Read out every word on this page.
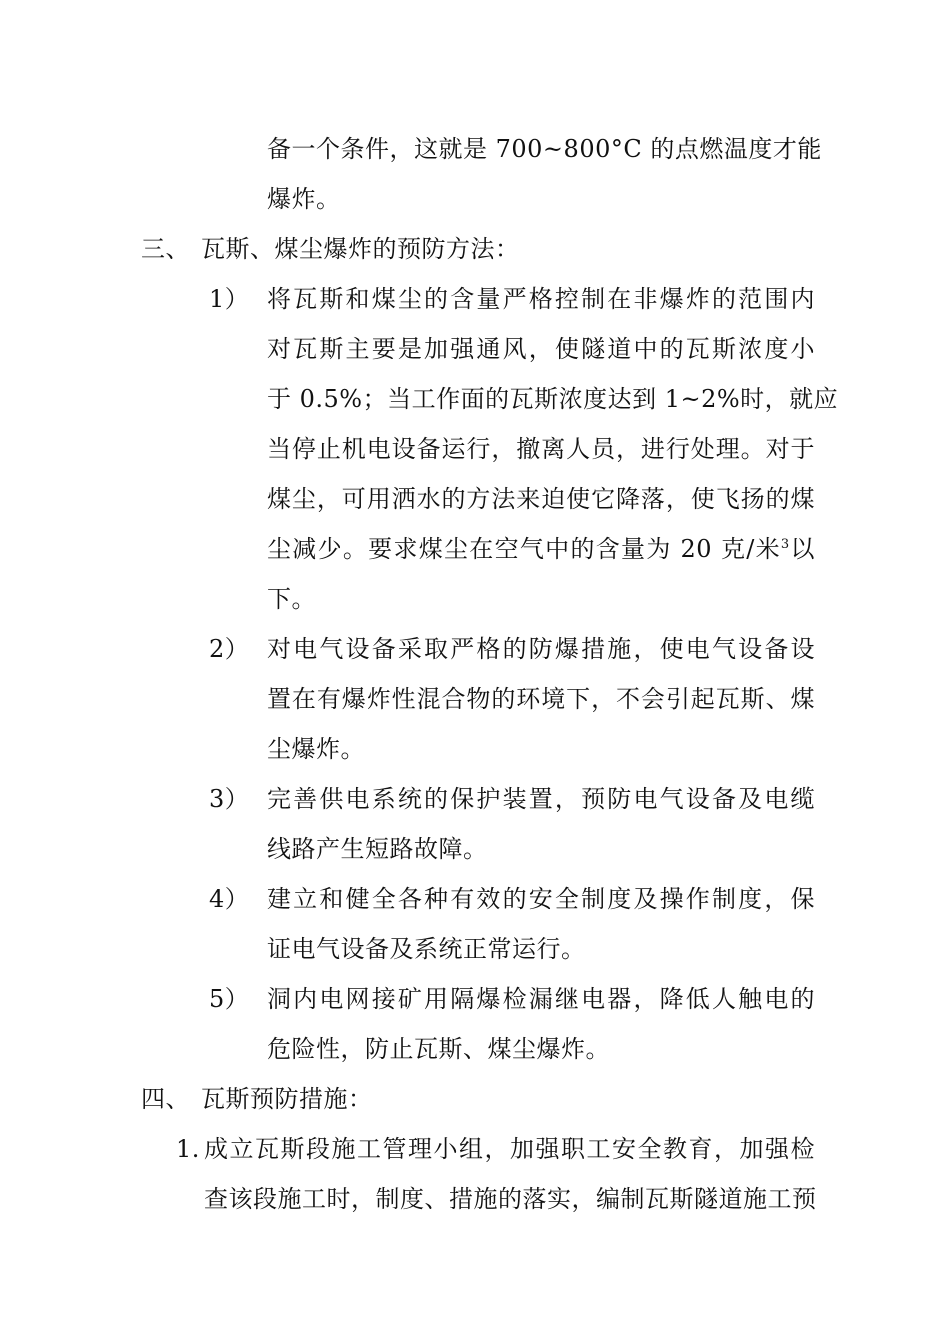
备一个条件，这就是 700~800°C 的点燃温度才能
爆炸。
三、 瓦斯、煤尘爆炸的预防方法：
1） 将瓦斯和煤尘的含量严格控制在非爆炸的范围内
对瓦斯主要是加强通风，使隧道中的瓦斯浓度小
于 0.5%；当工作面的瓦斯浓度达到 1~2%时，就应
当停止机电设备运行，撤离人员，进行处理。对于
煤尘，可用洒水的方法来迫使它降落，使飞扬的煤
尘减少。要求煤尘在空气中的含量为 20 克/米$^3$以
下。
2） 对电气设备采取严格的防爆措施，使电气设备设
置在有爆炸性混合物的环境下，不会引起瓦斯、煤
尘爆炸。
3） 完善供电系统的保护装置，预防电气设备及电缆
线路产生短路故障。
4） 建立和健全各种有效的安全制度及操作制度，保
证电气设备及系统正常运行。
5） 洞内电网接矿用隔爆检漏继电器，降低人触电的
危险性，防止瓦斯、煤尘爆炸。
四、 瓦斯预防措施：
1. 成立瓦斯段施工管理小组，加强职工安全教育，加强检
查该段施工时，制度、措施的落实，编制瓦斯隧道施工预
